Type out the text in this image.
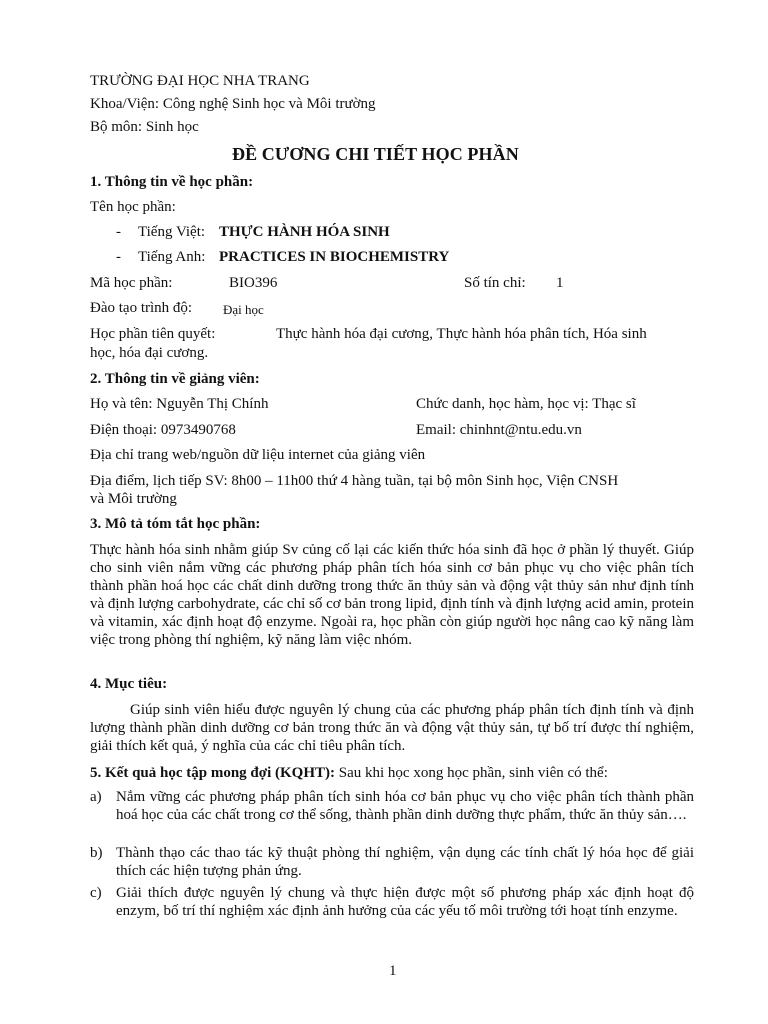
TRƯỜNG ĐẠI HỌC NHA TRANG
Khoa/Viện: Công nghệ Sinh học và Môi trường
Bộ môn: Sinh học
ĐỀ CƯƠNG CHI TIẾT HỌC PHẦN
1. Thông tin về học phần:
Tên học phần:
- Tiếng Việt: THỰC HÀNH HÓA SINH
- Tiếng Anh: PRACTICES IN BIOCHEMISTRY
Mã học phần:	BIO396	Số tín chỉ: 1
Đào tạo trình độ: Đại học
Học phần tiên quyết:	Thực hành hóa đại cương, Thực hành hóa phân tích, Hóa sinh
học, hóa đại cương.
2. Thông tin về giảng viên:
Họ và tên: Nguyễn Thị Chính	Chức danh, học hàm, học vị: Thạc sĩ
Điện thoại: 0973490768	Email: chinhnt@ntu.edu.vn
Địa chỉ trang web/nguồn dữ liệu internet của giảng viên
Địa điểm, lịch tiếp SV: 8h00 – 11h00 thứ 4 hàng tuần, tại bộ môn Sinh học, Viện CNSH
và Môi trường
3. Mô tả tóm tắt học phần:
Thực hành hóa sinh nhằm giúp Sv củng cố lại các kiến thức hóa sinh đã học ở phần lý thuyết. Giúp cho sinh viên nắm vững các phương pháp phân tích hóa sinh cơ bản phục vụ cho việc phân tích thành phần hoá học các chất dinh dưỡng trong thức ăn thủy sản và động vật thủy sản như định tính và định lượng carbohydrate, các chỉ số cơ bản trong lipid, định tính và định lượng acid amin, protein và vitamin, xác định hoạt độ enzyme. Ngoài ra, học phần còn giúp người học nâng cao kỹ năng làm việc trong phòng thí nghiệm, kỹ năng làm việc nhóm.
4. Mục tiêu:
Giúp sinh viên hiểu được nguyên lý chung của các phương pháp phân tích định tính và định lượng thành phần dinh dưỡng cơ bản trong thức ăn và động vật thủy sản, tự bố trí được thí nghiệm, giải thích kết quả, ý nghĩa của các chỉ tiêu phân tích.
5. Kết quả học tập mong đợi (KQHT): Sau khi học xong học phần, sinh viên có thể:
a) Nắm vững các phương pháp phân tích sinh hóa cơ bản phục vụ cho việc phân tích thành phần hoá học của các chất trong cơ thể sống, thành phần dinh dưỡng thực phẩm, thức ăn thủy sản….
b) Thành thạo các thao tác kỹ thuật phòng thí nghiệm, vận dụng các tính chất lý hóa học để giải thích các hiện tượng phản ứng.
c) Giải thích được nguyên lý chung và thực hiện được một số phương pháp xác định hoạt độ enzym, bố trí thí nghiệm xác định ảnh hưởng của các yếu tố môi trường tới hoạt tính enzyme.
1
